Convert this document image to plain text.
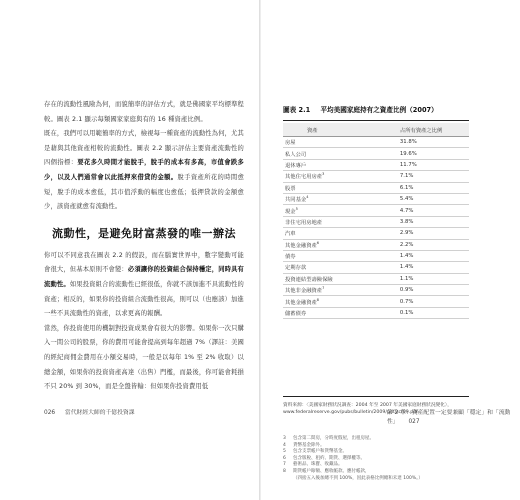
存在的流動性風險為何，而貌簡率的評估方式，就是佛國家平均標準程較。圖表 2.1 顯示每類國家家庭與有的 16 種資產比例。

既在，我們可以用範簡率的方式，檢視每一種資產的流動性為何，尤其是藉與其他資產相較的流動性。圖表 2.2 顯示評估主要資產流動性的四個指標：要花多久時間才能脫手，脫手的成本有多高，市值會跌多少，以及人們通常會以此抵押來借貸的金額。脫手資產所花的時間愈短，脫手的成本愈低，其市值浮動的幅度也愈低；低押貸款的金額愈少，該資產就愈有流動性。

流動性，是避免財富蒸發的唯一辦法

你可以不同意我在圖表 2.2 的假設，而在腦實世界中，數字變動可能會很大，但基本原則不會變：必須讓你的投資組合保持穩定，同時具有流動性。如果投資組合的流動性已經很低，你就不該加進不具流動性的資產；相反的，如果你的投資組合流動性很高，則可以（也應該）加進一些不具流動性的資產，以求更高的報酬。

當然，你投資使用的機制對投資成果會有很大的影響。如果你一次只購入一間公司的股票，你的費用可能會提高到每年超過 7%（譯註：美國的經紀商佣金費用在小額交易時，一般是以每年 1% 至 2% 收取）以總金額，如果你的投資資產高達（出售）門檻，而最後，你可能會耗損不只 20% 到 30%，而是全盤皆輸：但如果你投資費用低

026 當代財經大師的千億投資課
圖表 2.1 平均美國家庭持有之資產比例（2007）
資產	占所有資產之比例
房屋	31.8%
私人公司	19.6%
退休專戶	11.7%
其他住宅用房產$^3$	7.1%
股票	6.1%
共同基金$^4$	5.4%
現金$^5$	4.7%
非住宅用房地產	3.8%
汽車	2.9%
其他金融資產$^6$	2.2%
債券	1.4%
定期存款	1.4%
投資連結型壽險保險	1.1%
其他非金融資產$^7$	0.9%
其他金融資產$^8$	0.7%
儲蓄債券	0.1%
資料來源：〈美國家財務狀況調查：2004 年至 2007 年美國家庭財務狀況變化〉，
www.federalreserve.gov/pubs/bulletin/2009/pdf/scf09.pdf
3 包含第二間房，分時度假屋，出租房屋。
4 貨幣基金除外。
5 包含支票帳戶和貨幣基金。
6 包含版稅、租約、期貨、選擇權等。
7 藝術品、珠寶、收藏品。
8 期貨帳戶餘額、應收帳款、應付帳款，
（四捨五入後加總不到 100%，因此表格比例總和未達 100%。）
第 2 章：資產配置一定要兼顧「穩定」和「流動性」 027
